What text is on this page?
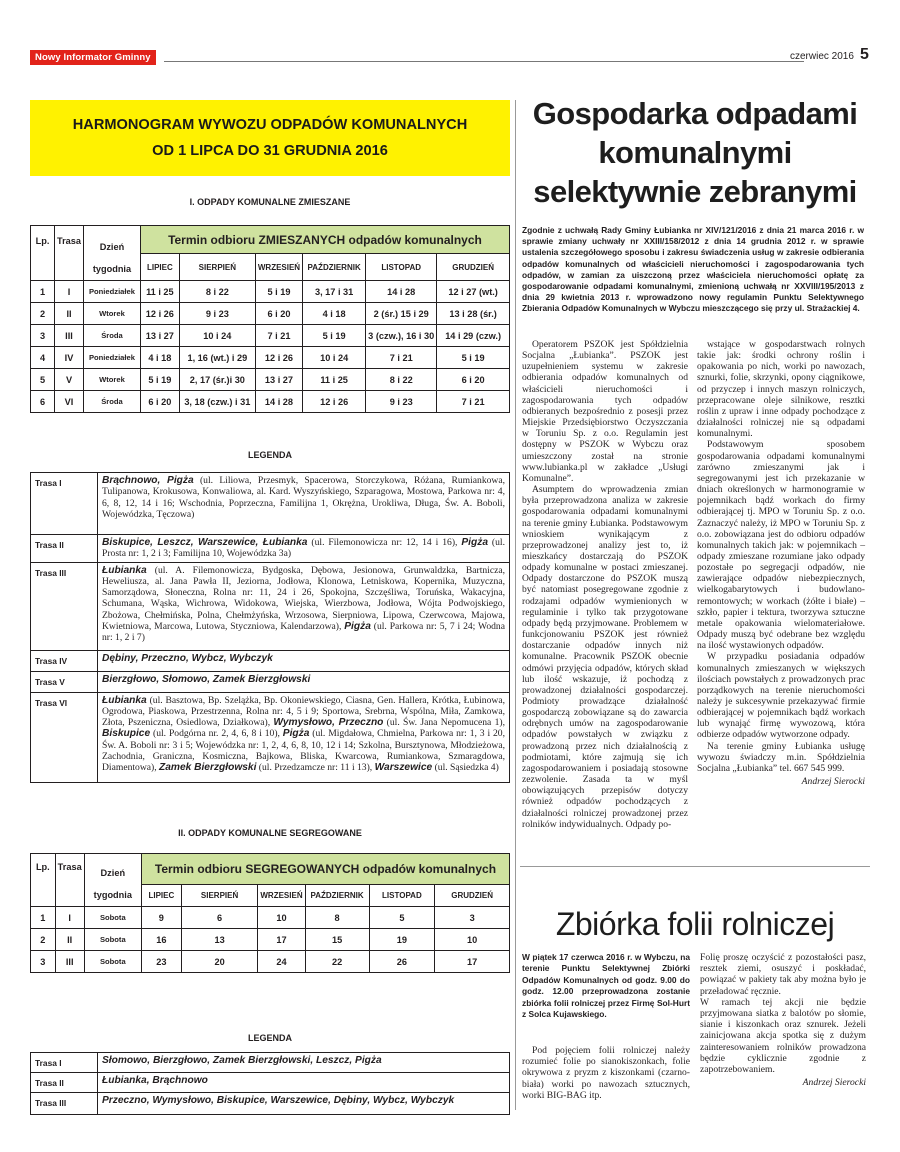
Nowy Informator Gminny	czerwiec 2016 5
HARMONOGRAM WYWOZU ODPADÓW KOMUNALNYCH
OD 1 LIPCA DO 31 GRUDNIA 2016
I. ODPADY KOMUNALNE ZMIESZANE
Lp.	Trasa	Dzień
tygodnia	Termin odbioru ZMIESZANYCH odpadów komunalnych					
			LIPIEC	SIERPIEŃ	WRZESIEŃ	PAŹDZIERNIK	LISTOPAD	GRUDZIEŃ
1	I	Poniedziałek	11 i 25	8 i 22	5 i 19	3, 17 i 31	14 i 28	12 i 27 (wt.)
2	II	Wtorek	12 i 26	9 i 23	6 i 20	4 i 18	2 (śr.) 15 i 29	13 i 28 (śr.)
3	III	Środa	13 i 27	10 i 24	7 i 21	5 i 19	3 (czw.), 16 i 30	14 i 29 (czw.)
4	IV	Poniedziałek	4 i 18	1, 16 (wt.) i 29	12 i 26	10 i 24	7 i 21	5 i 19
5	V	Wtorek	5 i 19	2, 17 (śr.)i 30	13 i 27	11 i 25	8 i 22	6 i 20
6	VI	Środa	6 i 20	3, 18 (czw.) i 31	14 i 28	12 i 26	9 i 23	7 i 21
LEGENDA
Trasa I	Brąchnowo, Pigża (ul. Liliowa, Przesmyk, Spacerowa, Storczykowa, Różana, Rumiankowa, Tulipanowa, Krokusowa, Konwaliowa, al. Kard. Wyszyńskiego, Szparagowa, Mostowa, Parkowa nr: 4, 6, 8, 12, 14 i 16; Wschodnia, Poprzeczna, Familijna 1, Okrężna, Urokliwa, Długa, Św. A. Boboli, Wojewódzka, Tęczowa)
Trasa II	Biskupice, Leszcz, Warszewice, Łubianka (ul. Filemonowicza nr: 12, 14 i 16), Pigża (ul. Prosta nr: 1, 2 i 3; Familijna 10, Wojewódzka 3a)
Trasa III	Łubianka (ul. A. Filemonowicza, Bydgoska, Dębowa, Jesionowa, Grunwaldzka, Bartnicza, Heweliusza, al. Jana Pawła II, Jeziorna, Jodłowa, Klonowa, Letniskowa, Kopernika, Muzyczna, Samorządowa, Słoneczna, Rolna nr: 11, 24 i 26, Spokojna, Szczęśliwa, Toruńska, Wakacyjna, Schumana, Wąska, Wichrowa, Widokowa, Wiejska, Wierzbowa, Jodłowa, Wójta Podwojskiego, Zbożowa, Chełmińska, Polna, Chełmżyńska, Wrzosowa, Sierpniowa, Lipowa, Czerwcowa, Majowa, Kwietniowa, Marcowa, Lutowa, Styczniowa, Kalendarzowa), Pigża (ul. Parkowa nr: 5, 7 i 24; Wodna nr: 1, 2 i 7)
Trasa IV	Dębiny, Przeczno, Wybcz, Wybczyk
Trasa V	Bierzgłowo, Słomowo, Zamek Bierzgłowski
Trasa VI	Łubianka (ul. Basztowa, Bp. Szelążka, Bp. Okoniewskiego, Ciasna, Gen. Hallera, Krótka, Łubinowa, Ogrodowa, Piaskowa, Przestrzenna, Rolna nr: 4, 5 i 9; Sportowa, Srebrna, Wspólna, Miła, Zamkowa, Złota, Pszeniczna, Osiedlowa, Działkowa), Wymysłowo, Przeczno (ul. Św. Jana Nepomucena 1), Biskupice (ul. Podgórna nr. 2, 4, 6, 8 i 10), Pigża (ul. Migdałowa, Chmielna, Parkowa nr: 1, 3 i 20, Św. A. Boboli nr: 3 i 5; Wojewódzka nr: 1, 2, 4, 6, 8, 10, 12 i 14; Szkolna, Bursztynowa, Młodzieżowa, Zachodnia, Graniczna, Kosmiczna, Bajkowa, Bliska, Kwarcowa, Rumiankowa, Szmaragdowa, Diamentowa), Zamek Bierzgłowski (ul. Przedzamcze nr: 11 i 13), Warszewice (ul. Sąsiedzka 4)
II. ODPADY KOMUNALNE SEGREGOWANE
Lp.	Trasa	Dzień
tygodnia	Termin odbioru SEGREGOWANYCH odpadów komunalnych					
			LIPIEC	SIERPIEŃ	WRZESIEŃ	PAŹDZIERNIK	LISTOPAD	GRUDZIEŃ
1	I	Sobota	9	6	10	8	5	3
2	II	Sobota	16	13	17	15	19	10
3	III	Sobota	23	20	24	22	26	17
LEGENDA
Trasa I	Słomowo, Bierzgłowo, Zamek Bierzgłowski, Leszcz, Pigża
Trasa II	Łubianka, Brąchnowo
Trasa III	Przeczno, Wymysłowo, Biskupice, Warszewice, Dębiny, Wybcz, Wybczyk
Gospodarka odpadami
komunalnymi
selektywnie zebranymi
Zgodnie z uchwałą Rady Gminy Łubianka nr XIV/121/2016 z dnia 21 marca 2016 r. w sprawie zmiany uchwały nr XXIII/158/2012 z dnia 14 grudnia 2012 r. w sprawie ustalenia szczegółowego sposobu i zakresu świadczenia usług w zakresie odbierania odpadów komunalnych od właścicieli nieruchomości i zagospodarowania tych odpadów, w zamian za uiszczoną przez właściciela nieruchomości opłatę za gospodarowanie odpadami komunalnymi, zmienioną uchwałą nr XXVIII/195/2013 z dnia 29 kwietnia 2013 r. wprowadzono nowy regulamin Punktu Selektywnego Zbierania Odpadów Komunalnych w Wybczu mieszczącego się przy ul. Strażackiej 4.

Operatorem PSZOK jest Spółdzielnia Socjalna „Łubianka”. PSZOK jest uzupełnieniem systemu w zakresie odbierania odpadów komunalnych od właścicieli nieruchomości i zagospodarowania tych odpadów odbieranych bezpośrednio z posesji przez Miejskie Przedsiębiorstwo Oczyszczania w Toruniu Sp. z o.o. Regulamin jest dostępny w PSZOK w Wybczu oraz umieszczony został na stronie www.lubianka.pl w zakładce „Usługi Komunalne”.

Asumptem do wprowadzenia zmian była przeprowadzona analiza w zakresie gospodarowania odpadami komunalnymi na terenie gminy Łubianka. Podstawowym wnioskiem wynikającym z przeprowadzonej analizy jest to, iż mieszkańcy dostarczają do PSZOK odpady komunalne w postaci zmieszanej. Odpady dostarczone do PSZOK muszą być natomiast posegregowane zgodnie z rodzajami odpadów wymienionych w regulaminie i tylko tak przygotowane odpady będą przyjmowane. Problemem w funkcjonowaniu PSZOK jest również dostarczanie odpadów innych niż komunalne. Pracownik PSZOK obecnie odmówi przyjęcia odpadów, których skład lub ilość wskazuje, iż pochodzą z prowadzonej działalności gospodarczej. Podmioty prowadzące działalność gospodarczą zobowiązane są do zawarcia odrębnych umów na zagospodarowanie odpadów powstałych w związku z prowadzoną przez nich działalnością z podmiotami, które zajmują się ich zagospodarowaniem i posiadają stosowne zezwolenie. Zasada ta w myśl obowiązujących przepisów dotyczy również odpadów pochodzących z działalności rolniczej prowadzonej przez rolników indywidualnych. Odpady po-

wstające w gospodarstwach rolnych takie jak: środki ochrony roślin i opakowania po nich, worki po nawozach, sznurki, folie, skrzynki, opony ciągnikowe, od przyczep i innych maszyn rolniczych, przepracowane oleje silnikowe, resztki roślin z upraw i inne odpady pochodzące z działalności rolniczej nie są odpadami komunalnymi.

Podstawowym sposobem gospodarowania odpadami komunalnymi zarówno zmieszanymi jak i segregowanymi jest ich przekazanie w dniach określonych w harmonogramie w pojemnikach bądź workach do firmy odbierającej tj. MPO w Toruniu Sp. z o.o. Zaznaczyć należy, iż MPO w Toruniu Sp. z o.o. zobowiązana jest do odbioru odpadów komunalnych takich jak: w pojemnikach – odpady zmieszane rozumiane jako odpady pozostałe po segregacji odpadów, nie zawierające odpadów niebezpiecznych, wielkogabarytowych i budowlano-remontowych; w workach (żółte i białe) – szkło, papier i tektura, tworzywa sztuczne metale opakowania wielomateriałowe. Odpady muszą być odebrane bez względu na ilość wystawionych odpadów.

W przypadku posiadania odpadów komunalnych zmieszanych w większych ilościach powstałych z prowadzonych prac porządkowych na terenie nieruchomości należy je sukcesywnie przekazywać firmie odbierającej w pojemnikach bądź workach lub wynająć firmę wywozową, która odbierze odpadów wytworzone odpady.

Na terenie gminy Łubianka usługę wywozu świadczy m.in. Spółdzielnia Socjalna „Łubianka” tel. 667 545 999.

Andrzej Sierocki
Zbiórka folii rolniczej
W piątek 17 czerwca 2016 r. w Wybczu, na terenie Punktu Selektywnej Zbiórki Odpadów Komunalnych od godz. 9.00 do godz. 12.00 przeprowadzona zostanie zbiórka folii rolniczej przez Firmę Sol-Hurt z Solca Kujawskiego.

Pod pojęciem folii rolniczej należy rozumieć folie po sianokiszonkach, folie okrywowa z pryzm z kiszonkami (czarno-biała) worki po nawozach sztucznych, worki BIG-BAG itp.

Folię proszę oczyścić z pozostałości pasz, resztek ziemi, osuszyć i poskładać, powiązać w pakiety tak aby można było je przeładować ręcznie.

W ramach tej akcji nie będzie przyjmowana siatka z balotów po słomie, sianie i kiszonkach oraz sznurek. Jeżeli zainicjowana akcja spotka się z dużym zainteresowaniem rolników prowadzona będzie cyklicznie zgodnie z zapotrzebowaniem.

Andrzej Sierocki
